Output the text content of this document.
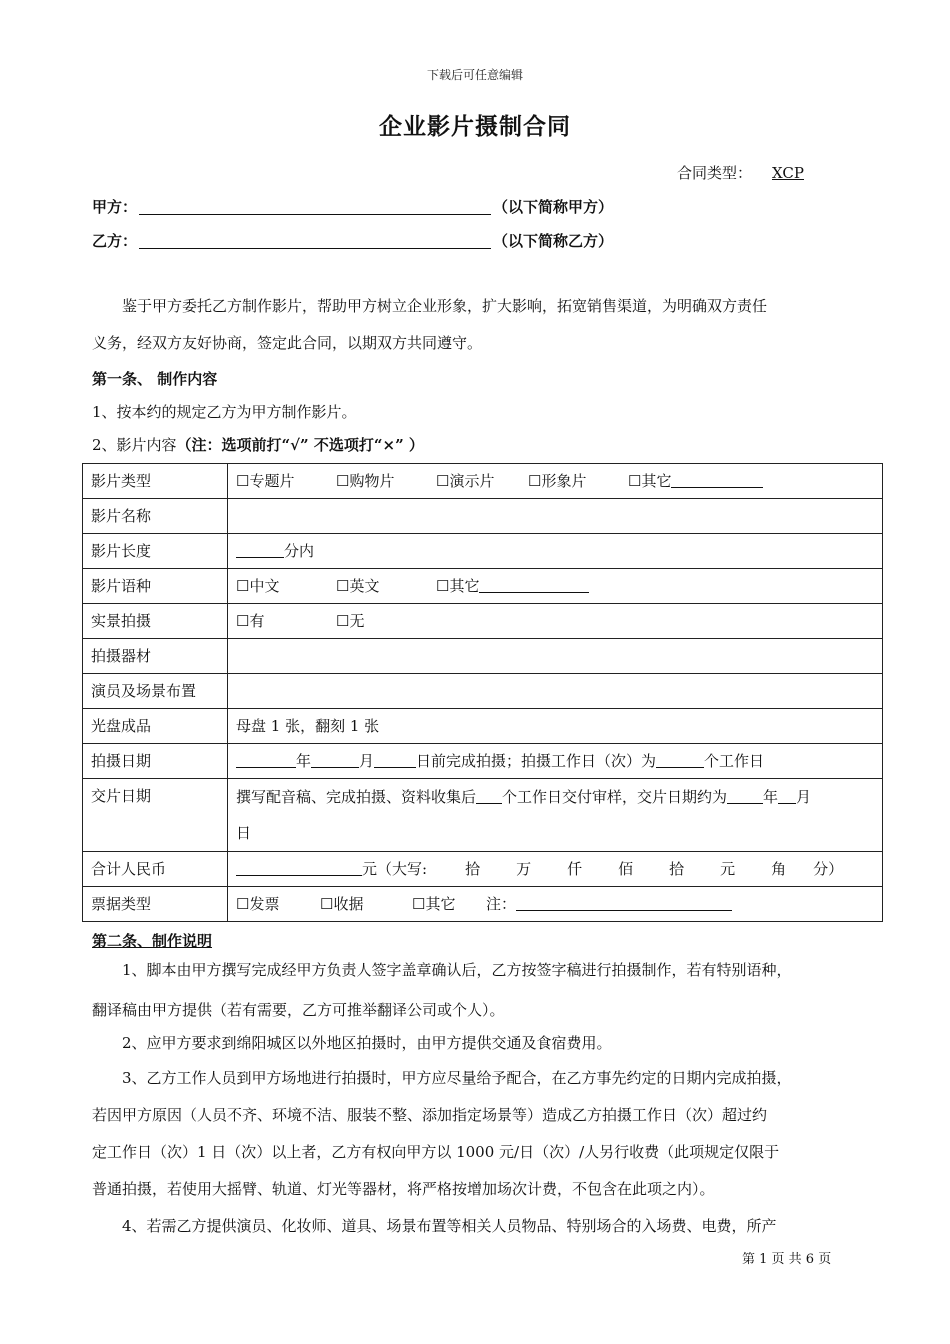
下载后可任意编辑
企业影片摄制合同
合同类型： XCP
甲方：	（以下简称甲方）
乙方：	（以下简称乙方）
鉴于甲方委托乙方制作影片，帮助甲方树立企业形象，扩大影响，拓宽销售渠道，为明确双方责任
义务，经双方友好协商，签定此合同，以期双方共同遵守。
第一条、 制作内容
1、按本约的规定乙方为甲方制作影片。
2、影片内容（注：选项前打“√” 不选项打“×” ）
影片类型	☐专题片 ☐购物片 ☐演示片 ☐形象片 ☐其它
影片名称	
影片长度	分内
影片语种	☐中文 ☐英文 ☐其它
实景拍摄	☐有 ☐无
拍摄器材	
演员及场景布置	
光盘成品	母盘 1 张，翻刻 1 张
拍摄日期	年 月 日前完成拍摄；拍摄工作日（次）为 个工作日
交片日期	撰写配音稿、完成拍摄、资料收集后 个工作日交付审样，交片日期约为 年 月
日
合计人民币	元（大写: 拾 万 仟 佰 拾 元 角 分）
票据类型	☐发票 ☐收据 ☐其它 注：
第二条、制作说明
1、脚本由甲方撰写完成经甲方负责人签字盖章确认后，乙方按签字稿进行拍摄制作，若有特别语种，
翻译稿由甲方提供（若有需要，乙方可推举翻译公司或个人）。
2、应甲方要求到绵阳城区以外地区拍摄时，由甲方提供交通及食宿费用。
3、乙方工作人员到甲方场地进行拍摄时，甲方应尽量给予配合，在乙方事先约定的日期内完成拍摄，
若因甲方原因（人员不齐、环境不洁、服装不整、添加指定场景等）造成乙方拍摄工作日（次）超过约
定工作日（次）1 日（次）以上者，乙方有权向甲方以 1000 元/日（次）/人另行收费（此项规定仅限于
普通拍摄，若使用大摇臂、轨道、灯光等器材，将严格按增加场次计费，不包含在此项之内）。
4、若需乙方提供演员、化妆师、道具、场景布置等相关人员物品、特别场合的入场费、电费，所产
第 1 页 共 6 页
